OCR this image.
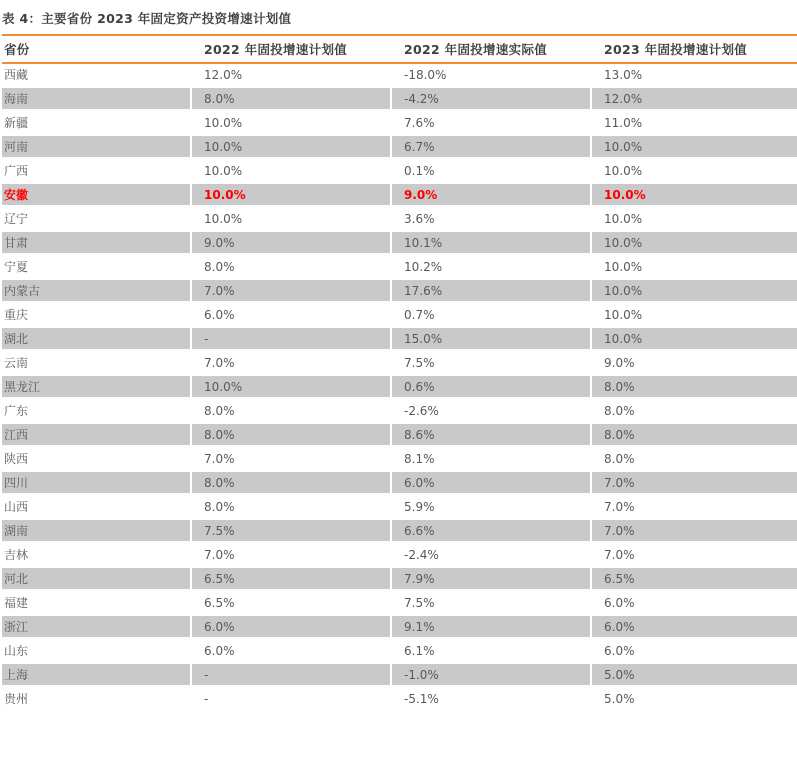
表 4：主要省份 2023 年固定资产投资增速计划值
省份	2022 年固投增速计划值	2022 年固投增速实际值	2023 年固投增速计划值
西藏	12.0%	-18.0%	13.0%
海南	8.0%	-4.2%	12.0%
新疆	10.0%	7.6%	11.0%
河南	10.0%	6.7%	10.0%
广西	10.0%	0.1%	10.0%
安徽	10.0%	9.0%	10.0%
辽宁	10.0%	3.6%	10.0%
甘肃	9.0%	10.1%	10.0%
宁夏	8.0%	10.2%	10.0%
内蒙古	7.0%	17.6%	10.0%
重庆	6.0%	0.7%	10.0%
湖北	-	15.0%	10.0%
云南	7.0%	7.5%	9.0%
黑龙江	10.0%	0.6%	8.0%
广东	8.0%	-2.6%	8.0%
江西	8.0%	8.6%	8.0%
陕西	7.0%	8.1%	8.0%
四川	8.0%	6.0%	7.0%
山西	8.0%	5.9%	7.0%
湖南	7.5%	6.6%	7.0%
吉林	7.0%	-2.4%	7.0%
河北	6.5%	7.9%	6.5%
福建	6.5%	7.5%	6.0%
浙江	6.0%	9.1%	6.0%
山东	6.0%	6.1%	6.0%
上海	-	-1.0%	5.0%
贵州	-	-5.1%	5.0%
